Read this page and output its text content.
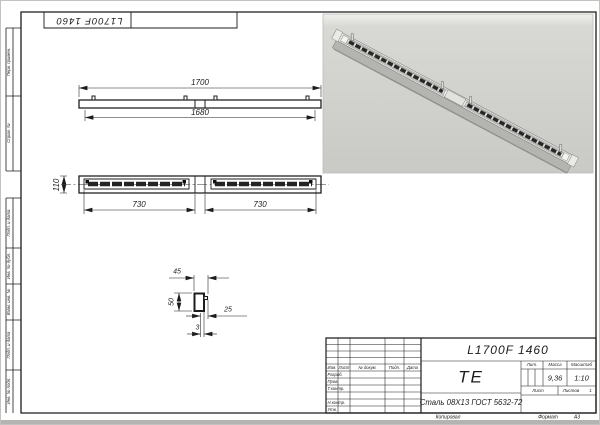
L1700F 1460
Перв. примен.
Справ. №
Подп. и дата
Инв. № дубл.
Взам. инв. №
Подп. и дата
Инв. № подл.
1700
1680
730	730
110
45
50
25
3
L1700F 1460
ТЕ
Сталь 08Х13 ГОСТ 5632-72
Лит. Масса Масштаб
9,36 1:10
Лист	Листов 1
Изм. Лист № докум.	Подп. Дата
Разраб.
Пров.
Т.контр.
Н.контр.
Утв.
Копировал	Формат	А3
